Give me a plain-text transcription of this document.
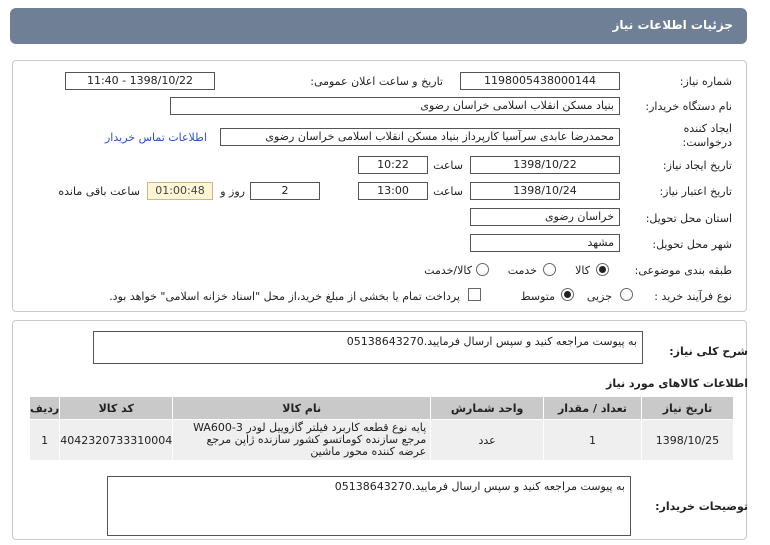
جزئیات اطلاعات نیاز
شماره نیاز:
1198005438000144
تاریخ و ساعت اعلان عمومی:
1398/10/22 - 11:40
نام دستگاه خریدار:
بنیاد مسکن انقلاب اسلامی خراسان رضوی
ایجاد کننده
درخواست:
محمدرضا عابدی سرآسیا کارپرداز بنیاد مسکن انقلاب اسلامی خراسان رضوی
اطلاعات تماس خریدار
تاریخ ایجاد نیاز:
1398/10/22
ساعت
10:22
تاریخ اعتبار نیاز:
1398/10/24
ساعت
13:00
2
روز و
01:00:48
ساعت باقی مانده
استان محل تحویل:
خراسان رضوی
شهر محل تحویل:
مشهد
طبقه بندی موضوعی:
کالا
خدمت
کالا/خدمت
نوع فرآیند خرید :
جزیی
متوسط
پرداخت تمام یا بخشی از مبلغ خرید،از محل "اسناد خزانه اسلامی" خواهد بود.
شرح کلی نیاز:
به پیوست مراجعه کنید و سپس ارسال فرمایید.05138643270
اطلاعات کالاهای مورد نیاز
تاریخ نیاز	تعداد / مقدار	واحد شمارش	نام کالا	کد کالا	ردیف
1398/10/25	1	عدد	پایه نوع قطعه کاربرد فیلتر گازوییل لودر WA600-3 مرجع سازنده کوماتسو کشور سازنده ژاپن مرجع عرضه کننده محور ماشین	4042320733310004	1
توضیحات خریدار:
به پیوست مراجعه کنید و سپس ارسال فرمایید.05138643270
